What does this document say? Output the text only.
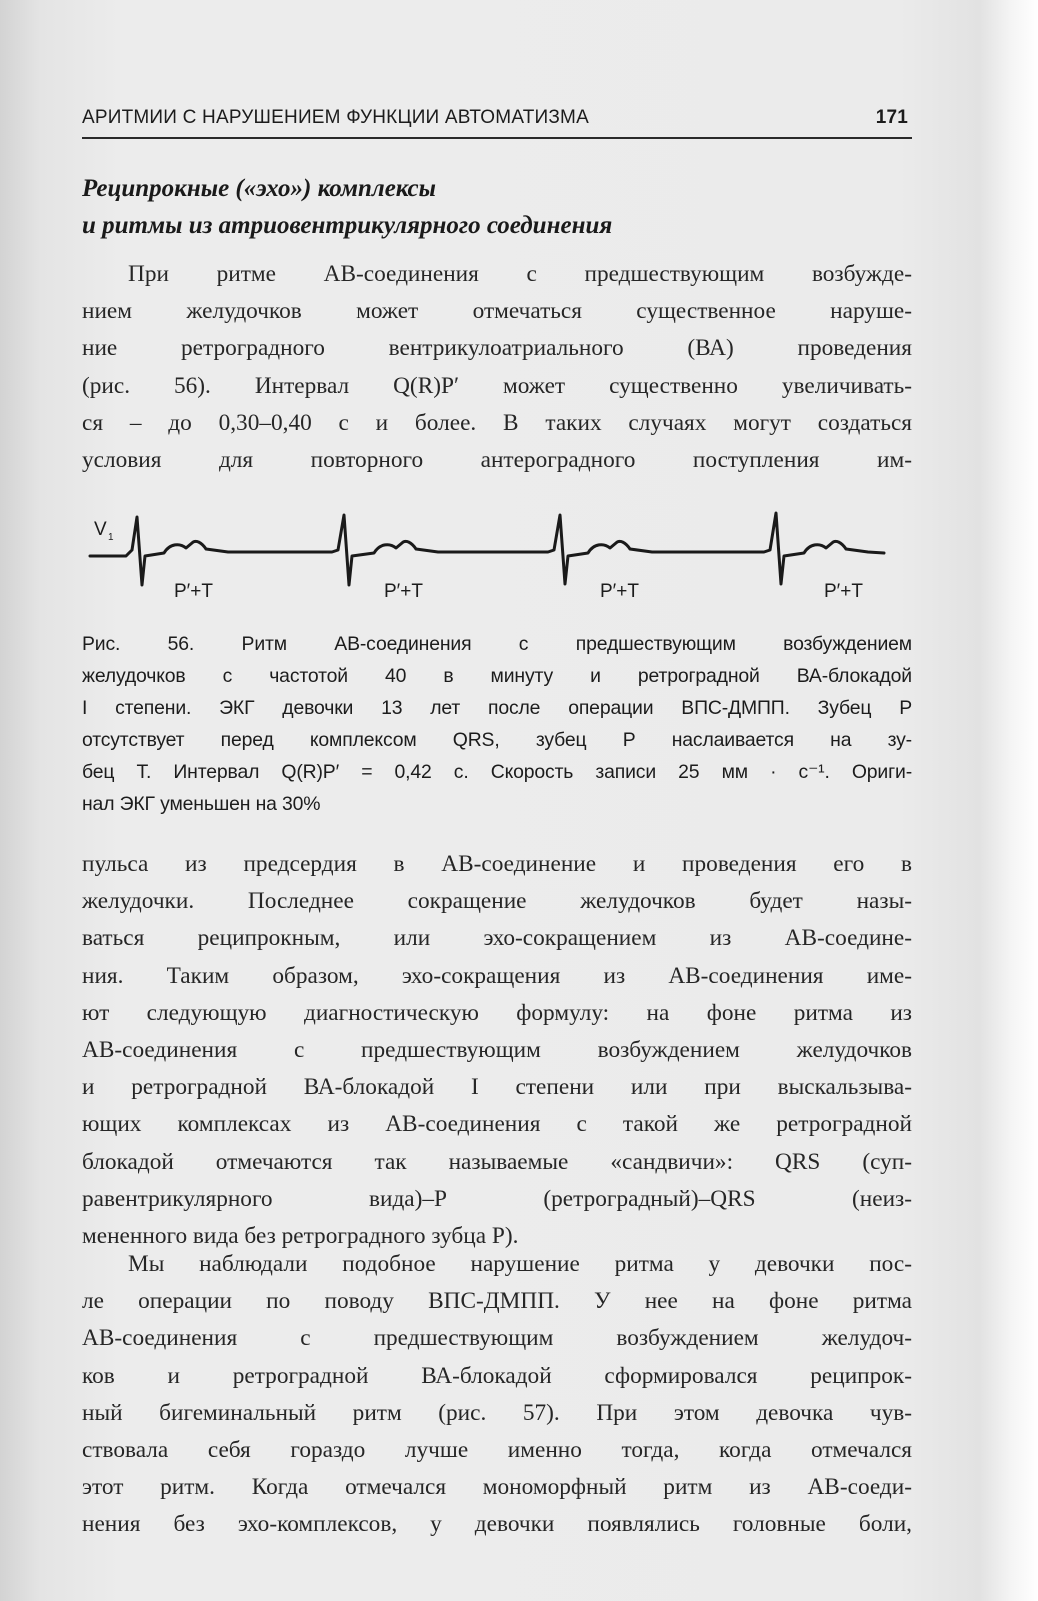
АРИТМИИ С НАРУШЕНИЕМ ФУНКЦИИ АВТОМАТИЗМА	171
Реципрокные («эхо») комплексы
и ритмы из атриовентрикулярного соединения
При ритме АВ-соединения с предшествующим возбужде-
нием желудочков может отмечаться существенное наруше-
ние ретроградного вентрикулоатриального (ВА) проведения
(рис. 56). Интервал Q(R)P′ может существенно увеличивать-
ся – до 0,30–0,40 с и более. В таких случаях могут создаться
условия для повторного антероградного поступления им-
V 1
P′+T	P′+T	P′+T	P′+T
Рис. 56. Ритм АВ-соединения с предшествующим возбуждением
желудочков с частотой 40 в минуту и ретроградной ВА-блокадой
I степени. ЭКГ девочки 13 лет после операции ВПС-ДМПП. Зубец Р
отсутствует перед комплексом QRS, зубец Р наслаивается на зу-
бец Т. Интервал Q(R)P′ = 0,42 с. Скорость записи 25 мм · с⁻¹. Ориги-
нал ЭКГ уменьшен на 30%
пульса из предсердия в АВ-соединение и проведения его в
желудочки. Последнее сокращение желудочков будет назы-
ваться реципрокным, или эхо-сокращением из АВ-соедине-
ния. Таким образом, эхо-сокращения из АВ-соединения име-
ют следующую диагностическую формулу: на фоне ритма из
АВ-соединения с предшествующим возбуждением желудочков
и ретроградной ВА-блокадой I степени или при выскальзыва-
ющих комплексах из АВ-соединения с такой же ретроградной
блокадой отмечаются так называемые «сандвичи»: QRS (суп-
равентрикулярного вида)–Р (ретроградный)–QRS (неиз-
мененного вида без ретроградного зубца Р).
Мы наблюдали подобное нарушение ритма у девочки пос-
ле операции по поводу ВПС-ДМПП. У нее на фоне ритма
АВ-соединения с предшествующим возбуждением желудоч-
ков и ретроградной ВА-блокадой сформировался реципрок-
ный бигеминальный ритм (рис. 57). При этом девочка чув-
ствовала себя гораздо лучше именно тогда, когда отмечался
этот ритм. Когда отмечался мономорфный ритм из АВ-соеди-
нения без эхо-комплексов, у девочки появлялись головные боли,
